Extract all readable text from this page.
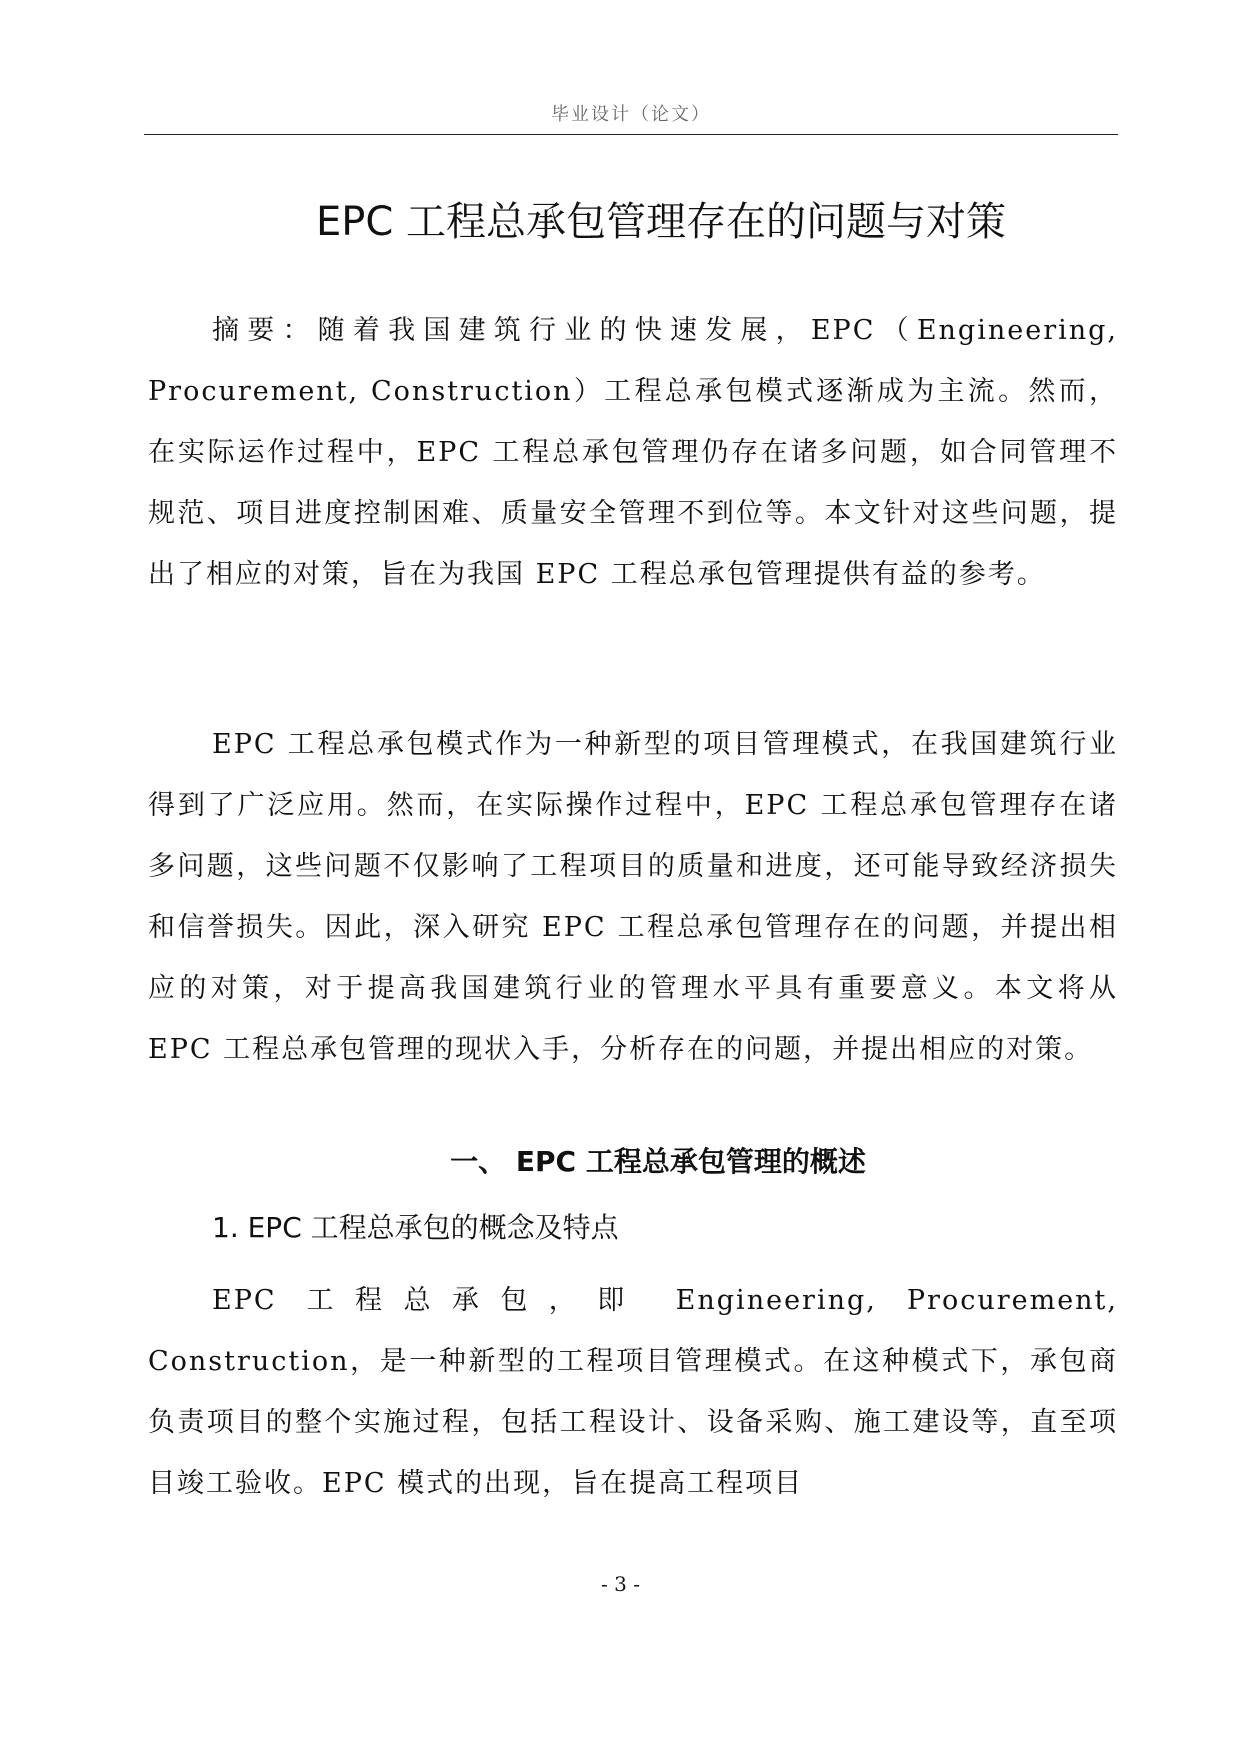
毕业设计（论文）
EPC 工程总承包管理存在的问题与对策

摘要：随着我国建筑行业的快速发展，EPC（Engineering, Procurement, Construction）工程总承包模式逐渐成为主流。然而，在实际运作过程中，EPC 工程总承包管理仍存在诸多问题，如合同管理不规范、项目进度控制困难、质量安全管理不到位等。本文针对这些问题，提出了相应的对策，旨在为我国 EPC 工程总承包管理提供有益的参考。

EPC 工程总承包模式作为一种新型的项目管理模式，在我国建筑行业得到了广泛应用。然而，在实际操作过程中，EPC 工程总承包管理存在诸多问题，这些问题不仅影响了工程项目的质量和进度，还可能导致经济损失和信誉损失。因此，深入研究 EPC 工程总承包管理存在的问题，并提出相应的对策，对于提高我国建筑行业的管理水平具有重要意义。本文将从 EPC 工程总承包管理的现状入手，分析存在的问题，并提出相应的对策。

一、 EPC 工程总承包管理的概述
1. EPC 工程总承包的概念及特点

EPC 工程总承包，即 Engineering, Procurement, Construction，是一种新型的工程项目管理模式。在这种模式下，承包商负责项目的整个实施过程，包括工程设计、设备采购、施工建设等，直至项目竣工验收。EPC 模式的出现，旨在提高工程项目

- 3 -
